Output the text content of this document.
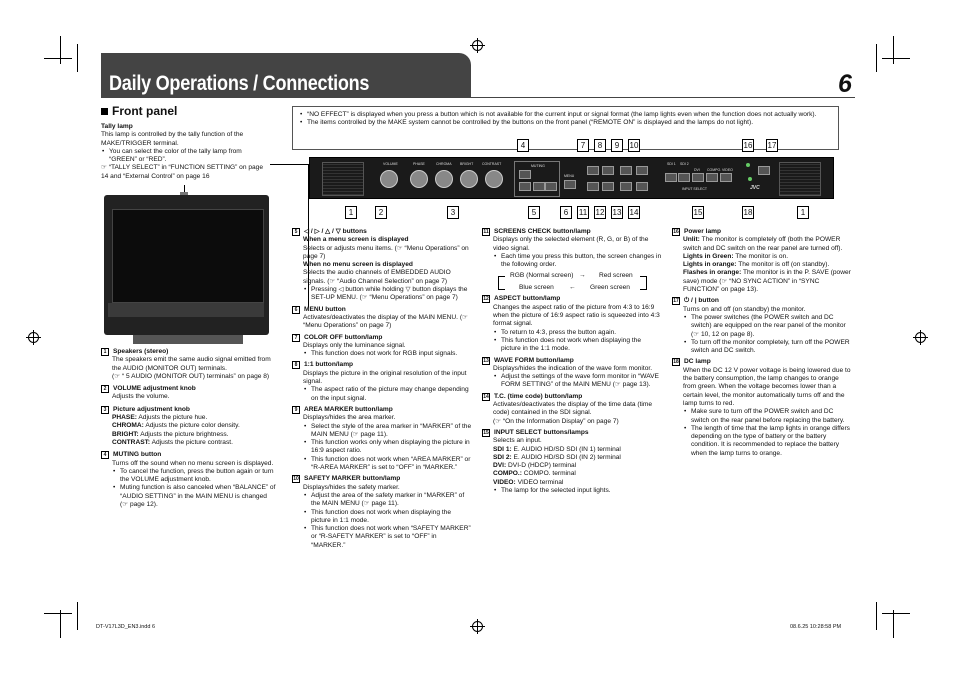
Daily Operations / Connections	6
Front panel

Tally lamp

This lamp is controlled by the tally function of the MAKE/TRIGGER terminal.

• You can select the color of the tally lamp from “GREEN” or “RED”.

☞ “TALLY SELECT” in “FUNCTION SETTING” on page 14 and “External Control” on page 16

• “NO EFFECT” is displayed when you press a button which is not available for the current input or signal format (the lamp lights even when the function does not actually work).
• The items controlled by the MAKE system cannot be controlled by the buttons on the front panel (“REMOTE ON” is displayed and the lamps do not light).
VOLUME	PHASE	CHROMA BRIGHT	CONTRAST	MUTING
MENU
INPUT SELECT
SDI 1 SDI 2
DVI COMPO. VIDEO
JVC
4	7	8	9	10	16 17
1	2	3	5	6	11 12 13 14	15	18	1

1 Speakers (stereo)

The speakers emit the same audio signal emitted from the AUDIO (MONITOR OUT) terminals.

(☞ “ 5 AUDIO (MONITOR OUT) terminals” on page 8)

2 VOLUME adjustment knob

Adjusts the volume.

3 Picture adjustment knob

PHASE: Adjusts the picture hue.

CHROMA: Adjusts the picture color density.

BRIGHT: Adjusts the picture brightness.

CONTRAST: Adjusts the picture contrast.

4 MUTING button

Turns off the sound when no menu screen is displayed.

• To cancel the function, press the button again or turn the VOLUME adjustment knob.
• Muting function is also canceled when “BALANCE” of “AUDIO SETTING” in the MAIN MENU is changed (☞ page 12).

5 ◁ / ▷ / △ / ▽ buttons

When a menu screen is displayed

Selects or adjusts menu items. (☞ “Menu Operations” on page 7)

When no menu screen is displayed

Selects the audio channels of EMBEDDED AUDIO signals. (☞ “Audio Channel Selection” on page 7)

• Pressing ◁ button while holding ▽ button displays the SET-UP MENU. (☞ “Menu Operations” on page 7)

6 MENU button

Activates/deactivates the display of the MAIN MENU. (☞ “Menu Operations” on page 7)

7 COLOR OFF button/lamp

Displays only the luminance signal.

• This function does not work for RGB input signals.

8 1:1 button/lamp

Displays the picture in the original resolution of the input signal.

• The aspect ratio of the picture may change depending on the input signal.

9 AREA MARKER button/lamp

Displays/hides the area marker.

• Select the style of the area marker in “MARKER” of the MAIN MENU (☞ page 11).
• This function works only when displaying the picture in 16:9 aspect ratio.
• This function does not work when “AREA MARKER” or “R-AREA MARKER” is set to “OFF” in “MARKER.”

10 SAFETY MARKER button/lamp

Displays/hides the safety marker.

• Adjust the area of the safety marker in “MARKER” of the MAIN MENU (☞ page 11).
• This function does not work when displaying the picture in 1:1 mode.
• This function does not work when “SAFETY MARKER” or “R-SAFETY MARKER” is set to “OFF” in “MARKER.”

11 SCREENS CHECK button/lamp

Displays only the selected element (R, G, or B) of the video signal.

• Each time you press this button, the screen changes in the following order.
RGB (Normal screen) → Red screen
Blue screen ← Green screen

12 ASPECT button/lamp

Changes the aspect ratio of the picture from 4:3 to 16:9 when the picture of 16:9 aspect ratio is squeezed into 4:3 format signal.

• To return to 4:3, press the button again.
• This function does not work when displaying the picture in the 1:1 mode.

13 WAVE FORM button/lamp

Displays/hides the indication of the wave form monitor.

• Adjust the settings of the wave form monitor in “WAVE FORM SETTING” of the MAIN MENU (☞ page 13).

14 T.C. (time code) button/lamp

Activates/deactivates the display of the time data (time code) contained in the SDI signal.

(☞ “On the Information Display” on page 7)

15 INPUT SELECT buttons/lamps

Selects an input.

SDI 1: E. AUDIO HD/SD SDI (IN 1) terminal

SDI 2: E. AUDIO HD/SD SDI (IN 2) terminal

DVI: DVI-D (HDCP) terminal

COMPO.: COMPO. terminal

VIDEO: VIDEO terminal

• The lamp for the selected input lights.

16 Power lamp

Unlit: The monitor is completely off (both the POWER switch and DC switch on the rear panel are turned off).

Lights in Green: The monitor is on.

Lights in orange: The monitor is off (on standby).

Flashes in orange: The monitor is in the P. SAVE (power save) mode (☞ “NO SYNC ACTION” in “SYNC FUNCTION” on page 13).

17 ⏻ / | button

Turns on and off (on standby) the monitor.

• The power switches (the POWER switch and DC switch) are equipped on the rear panel of the monitor (☞ 10, 12 on page 8).
• To turn off the monitor completely, turn off the POWER switch and DC switch.

18 DC lamp

When the DC 12 V power voltage is being lowered due to the battery consumption, the lamp changes to orange from green. When the voltage becomes lower than a certain level, the monitor automatically turns off and the lamp turns to red.

• Make sure to turn off the POWER switch and DC switch on the rear panel before replacing the battery.
• The length of time that the lamp lights in orange differs depending on the type of battery or the battery condition. It is recommended to replace the battery when the lamp turns to orange.
DT-V17L3D_EN3.indd 6	08.6.25 10:28:58 PM
